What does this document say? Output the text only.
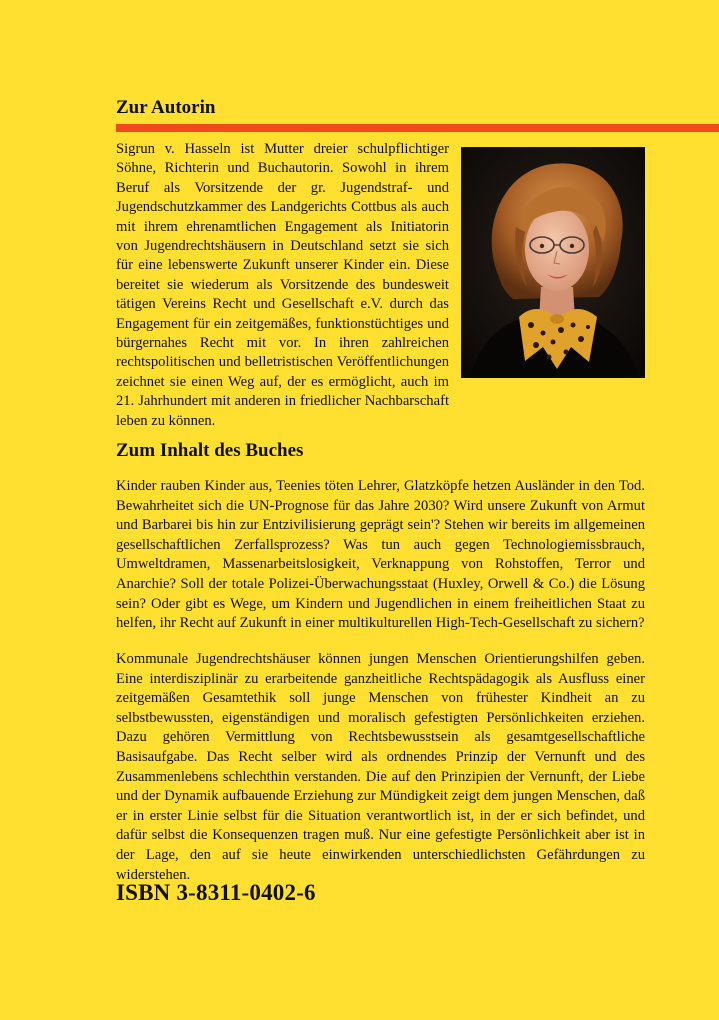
Zur Autorin

Sigrun v. Hasseln ist Mutter dreier schulpflichtiger Söhne, Richterin und Buchautorin. Sowohl in ihrem Beruf als Vorsitzende der gr. Jugendstraf- und Jugendschutzkammer des Landgerichts Cottbus als auch mit ihrem ehrenamtlichen Engagement als Initiatorin von Jugendrechtshäusern in Deutschland setzt sie sich für eine lebenswerte Zukunft unserer Kinder ein. Diese bereitet sie wiederum als Vorsitzende des bundesweit tätigen Vereins Recht und Gesellschaft e.V. durch das Engagement für ein zeitgemäßes, funktionstüchtiges und bürgernahes Recht mit vor. In ihren zahlreichen rechtspolitischen und belletristischen Veröffentlichungen zeichnet sie einen Weg auf, der es ermöglicht, auch im 21. Jahrhundert mit anderen in friedlicher Nachbarschaft leben zu können.

Zum Inhalt des Buches

Kinder rauben Kinder aus, Teenies töten Lehrer, Glatzköpfe hetzen Ausländer in den Tod. Bewahrheitet sich die UN-Prognose für das Jahre 2030? Wird unsere Zukunft von Armut und Barbarei bis hin zur Entzivilisierung geprägt sein'? Stehen wir bereits im allgemeinen gesellschaftlichen Zerfallsprozess? Was tun auch gegen Technologiemissbrauch, Umweltdramen, Massenarbeitslosigkeit, Verknappung von Rohstoffen, Terror und Anarchie? Soll der totale Polizei-Überwachungsstaat (Huxley, Orwell & Co.) die Lösung sein? Oder gibt es Wege, um Kindern und Jugendlichen in einem freiheitlichen Staat zu helfen, ihr Recht auf Zukunft in einer multikulturellen High-Tech-Gesellschaft zu sichern?

Kommunale Jugendrechtshäuser können jungen Menschen Orientierungshilfen geben. Eine interdisziplinär zu erarbeitende ganzheitliche Rechtspädagogik als Ausfluss einer zeitgemäßen Gesamtethik soll junge Menschen von frühester Kindheit an zu selbstbewussten, eigenständigen und moralisch gefestigten Persönlichkeiten erziehen. Dazu gehören Vermittlung von Rechtsbewusstsein als gesamtgesellschaftliche Basisaufgabe. Das Recht selber wird als ordnendes Prinzip der Vernunft und des Zusammenlebens schlechthin verstanden. Die auf den Prinzipien der Vernunft, der Liebe und der Dynamik aufbauende Erziehung zur Mündigkeit zeigt dem jungen Menschen, daß er in erster Linie selbst für die Situation verantwortlich ist, in der er sich befindet, und dafür selbst die Konsequenzen tragen muß. Nur eine gefestigte Persönlichkeit aber ist in der Lage, den auf sie heute einwirkenden unterschiedlichsten Gefährdungen zu widerstehen.

ISBN 3-8311-0402-6
